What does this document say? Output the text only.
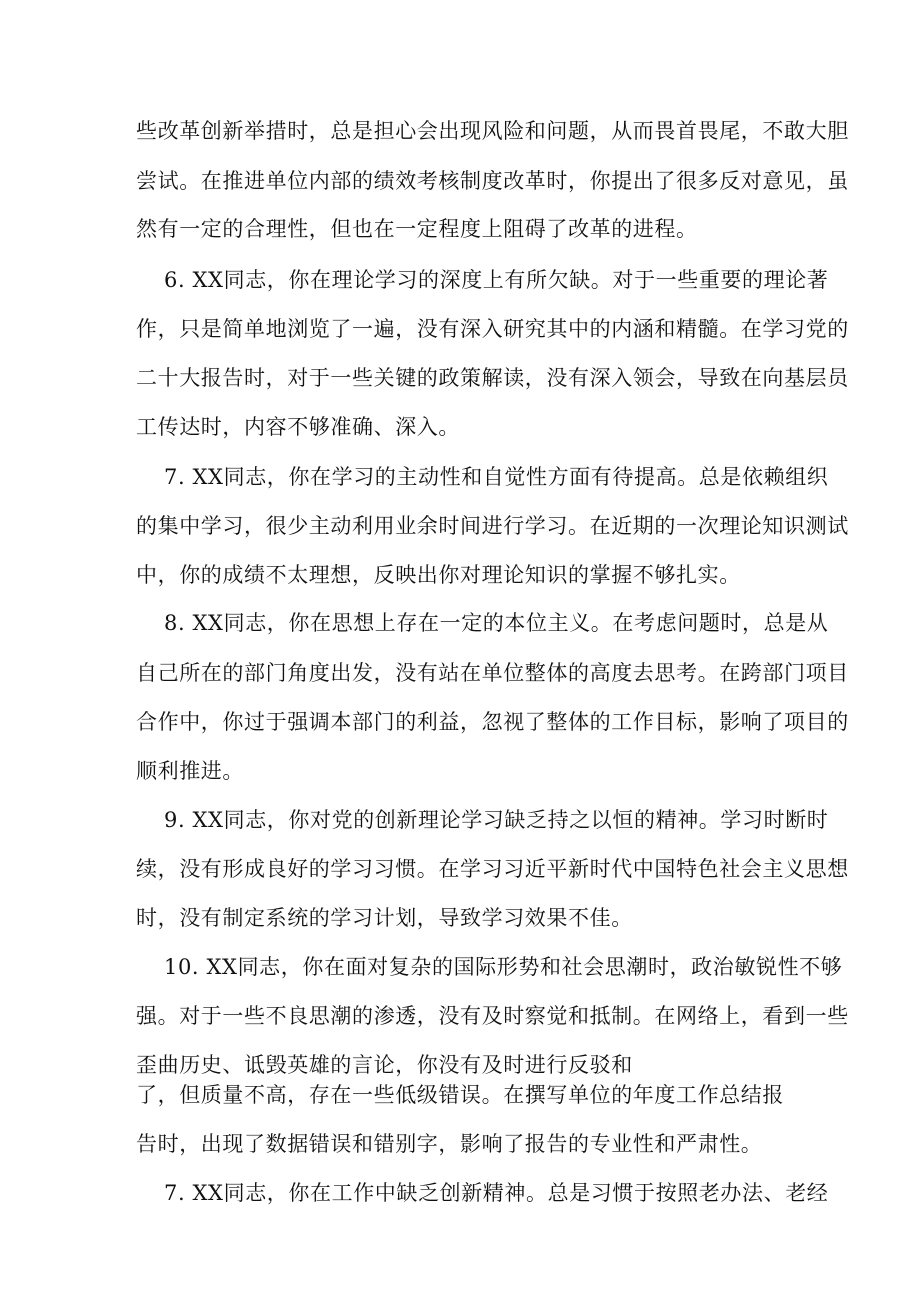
些改革创新举措时，总是担心会出现风险和问题，从而畏首畏尾，不敢大胆
尝试。在推进单位内部的绩效考核制度改革时，你提出了很多反对意见，虽
然有一定的合理性，但也在一定程度上阻碍了改革的进程。
6. XX同志，你在理论学习的深度上有所欠缺。对于一些重要的理论著
作，只是简单地浏览了一遍，没有深入研究其中的内涵和精髓。在学习党的
二十大报告时，对于一些关键的政策解读，没有深入领会，导致在向基层员
工传达时，内容不够准确、深入。
7. XX同志，你在学习的主动性和自觉性方面有待提高。总是依赖组织
的集中学习，很少主动利用业余时间进行学习。在近期的一次理论知识测试
中，你的成绩不太理想，反映出你对理论知识的掌握不够扎实。
8. XX同志，你在思想上存在一定的本位主义。在考虑问题时，总是从
自己所在的部门角度出发，没有站在单位整体的高度去思考。在跨部门项目
合作中，你过于强调本部门的利益，忽视了整体的工作目标，影响了项目的
顺利推进。
9. XX同志，你对党的创新理论学习缺乏持之以恒的精神。学习时断时
续，没有形成良好的学习习惯。在学习习近平新时代中国特色社会主义思想
时，没有制定系统的学习计划，导致学习效果不佳。
10. XX同志，你在面对复杂的国际形势和社会思潮时，政治敏锐性不够
强。对于一些不良思潮的渗透，没有及时察觉和抵制。在网络上，看到一些
歪曲历史、诋毁英雄的言论，你没有及时进行反驳和
了，但质量不高，存在一些低级错误。在撰写单位的年度工作总结报
告时，出现了数据错误和错别字，影响了报告的专业性和严肃性。
7. XX同志，你在工作中缺乏创新精神。总是习惯于按照老办法、老经
